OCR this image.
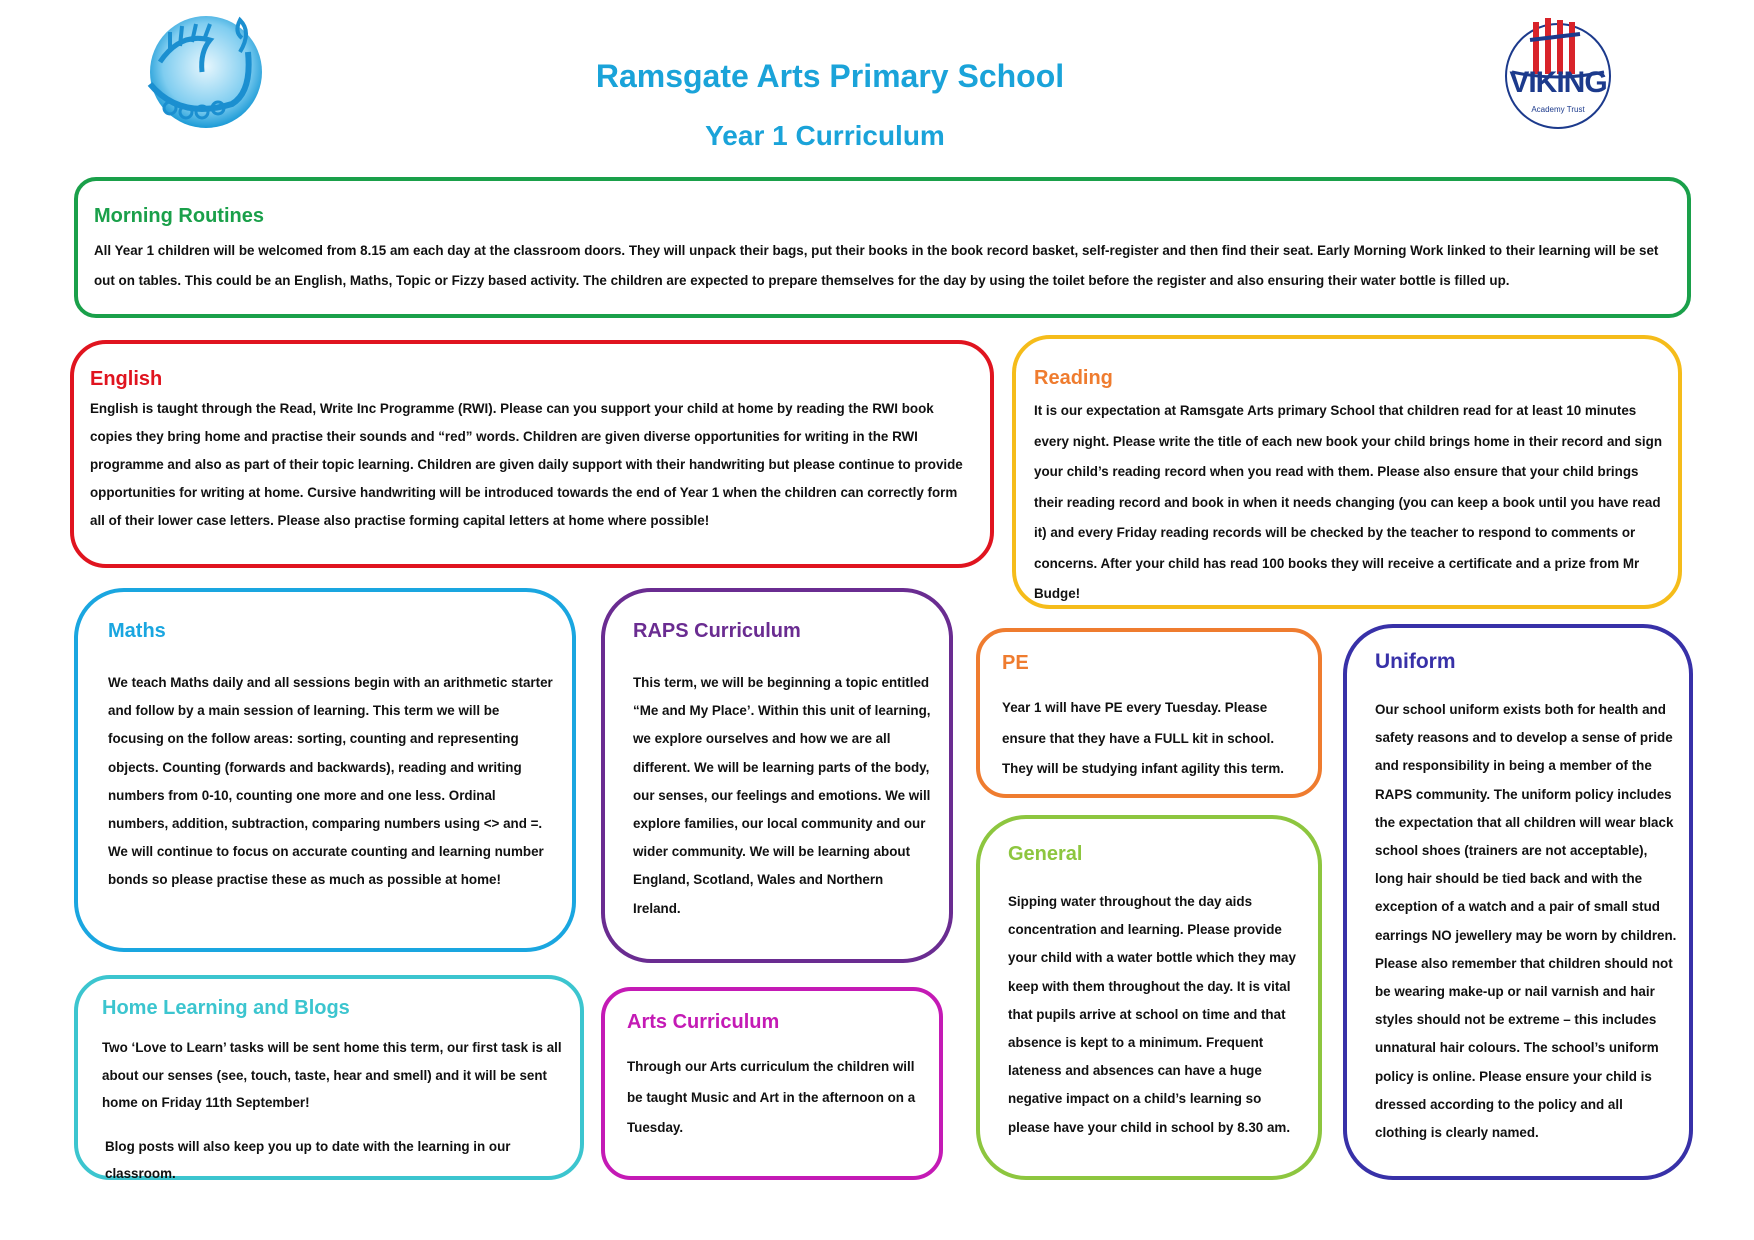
VIKING
Academy Trust
Ramsgate Arts Primary School
Year 1 Curriculum
Morning Routines

All Year 1 children will be welcomed from 8.15 am each day at the classroom doors. They will unpack their bags, put their books in the book record basket, self-register and then find their seat. Early Morning Work linked to their learning will be set out on tables. This could be an English, Maths, Topic or Fizzy based activity. The children are expected to prepare themselves for the day by using the toilet before the register and also ensuring their water bottle is filled up.

English

English is taught through the Read, Write Inc Programme (RWI). Please can you support your child at home by reading the RWI book copies they bring home and practise their sounds and “red” words. Children are given diverse opportunities for writing in the RWI programme and also as part of their topic learning. Children are given daily support with their handwriting but please continue to provide opportunities for writing at home. Cursive handwriting will be introduced towards the end of Year 1 when the children can correctly form all of their lower case letters. Please also practise forming capital letters at home where possible!

Reading

It is our expectation at Ramsgate Arts primary School that children read for at least 10 minutes every night. Please write the title of each new book your child brings home in their record and sign your child’s reading record when you read with them. Please also ensure that your child brings their reading record and book in when it needs changing (you can keep a book until you have read it) and every Friday reading records will be checked by the teacher to respond to comments or concerns. After your child has read 100 books they will receive a certificate and a prize from Mr Budge!

Maths

We teach Maths daily and all sessions begin with an arithmetic starter and follow by a main session of learning. This term we will be focusing on the follow areas: sorting, counting and representing objects. Counting (forwards and backwards), reading and writing numbers from 0-10, counting one more and one less. Ordinal numbers, addition, subtraction, comparing numbers using <> and =. We will continue to focus on accurate counting and learning number bonds so please practise these as much as possible at home!

RAPS Curriculum

This term, we will be beginning a topic entitled “Me and My Place’. Within this unit of learning, we explore ourselves and how we are all different. We will be learning parts of the body, our senses, our feelings and emotions. We will explore families, our local community and our wider community. We will be learning about England, Scotland, Wales and Northern Ireland.

PE

Year 1 will have PE every Tuesday. Please ensure that they have a FULL kit in school. They will be studying infant agility this term.

Uniform

Our school uniform exists both for health and safety reasons and to develop a sense of pride and responsibility in being a member of the RAPS community. The uniform policy includes the expectation that all children will wear black school shoes (trainers are not acceptable), long hair should be tied back and with the exception of a watch and a pair of small stud earrings NO jewellery may be worn by children. Please also remember that children should not be wearing make-up or nail varnish and hair styles should not be extreme – this includes unnatural hair colours. The school’s uniform policy is online. Please ensure your child is dressed according to the policy and all clothing is clearly named.

General

Sipping water throughout the day aids concentration and learning. Please provide your child with a water bottle which they may keep with them throughout the day. It is vital that pupils arrive at school on time and that absence is kept to a minimum. Frequent lateness and absences can have a huge negative impact on a child’s learning so please have your child in school by 8.30 am.

Home Learning and Blogs

Two ‘Love to Learn’ tasks will be sent home this term, our first task is all about our senses (see, touch, taste, hear and smell) and it will be sent home on Friday 11th September!

Blog posts will also keep you up to date with the learning in our classroom.

Arts Curriculum

Through our Arts curriculum the children will be taught Music and Art in the afternoon on a Tuesday.
